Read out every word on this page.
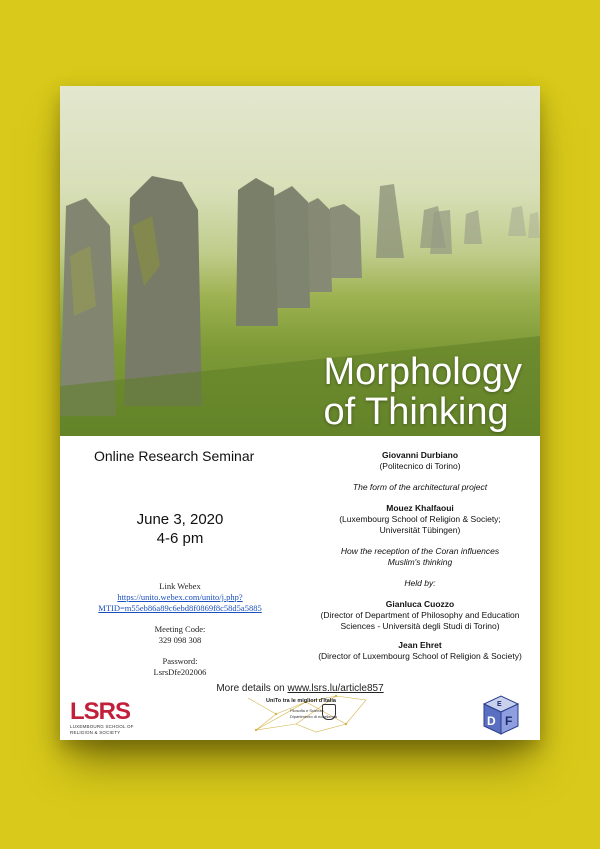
Morphology
of Thinking
Online Research Seminar
June 3, 2020
4-6 pm
Link Webex
https://unito.webex.com/unito/j.php?
MTID=m55eb86a89c6ebd8f0869f8c58d5a5885
Meeting Code:
329 098 308
Password:
LsrsDfe202006
Giovanni Durbiano
(Politecnico di Torino)
The form of the architectural project
Mouez Khalfaoui
(Luxembourg School of Religion & Society;
Universität Tübingen)
How the reception of the Coran influences
Muslim's thinking
Held by:
Gianluca Cuozzo
(Director of Department of Philosophy and Education
Sciences - Università degli Studi di Torino)
Jean Ehret
(Director of Luxembourg School of Religion & Society)
More details on www.lsrs.lu/article857
LSRS
LUXEMBOURG SCHOOL OF
RELIGION & SOCIETY
UniTo tra le migliori d'Italia
Filosofia e Scienze
Dipartimento di eccellenza
E
D F
